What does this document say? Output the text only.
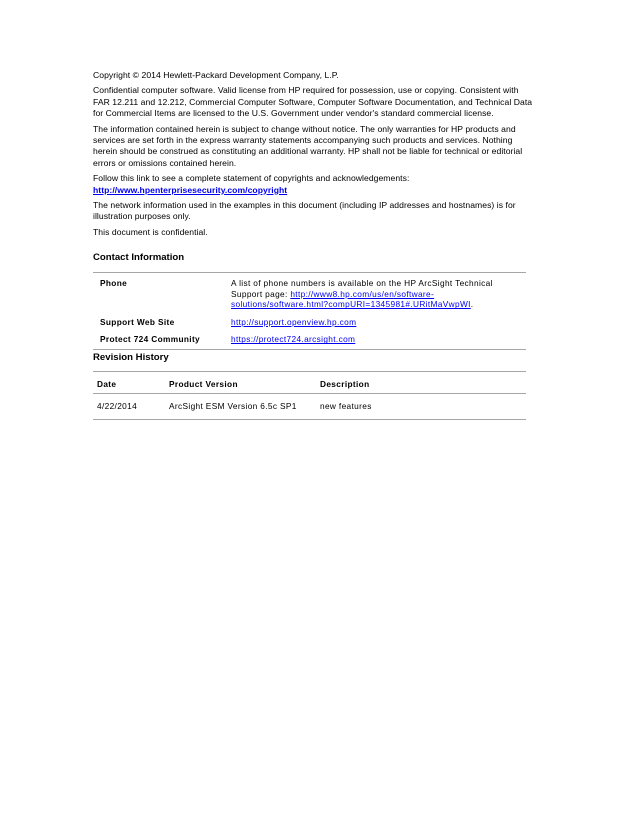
Copyright © 2014 Hewlett-Packard Development Company, L.P.

Confidential computer software. Valid license from HP required for possession, use or copying. Consistent with FAR 12.211 and 12.212, Commercial Computer Software, Computer Software Documentation, and Technical Data for Commercial Items are licensed to the U.S. Government under vendor's standard commercial license.

The information contained herein is subject to change without notice. The only warranties for HP products and services are set forth in the express warranty statements accompanying such products and services. Nothing herein should be construed as constituting an additional warranty. HP shall not be liable for technical or editorial errors or omissions contained herein.

Follow this link to see a complete statement of copyrights and acknowledgements:
http://www.hpenterprisesecurity.com/copyright

The network information used in the examples in this document (including IP addresses and hostnames) is for illustration purposes only.

This document is confidential.

Contact Information
Phone	A list of phone numbers is available on the HP ArcSight Technical Support page: http://www8.hp.com/us/en/software-solutions/software.html?compURI=1345981#.URitMaVwpWI.
Support Web Site	http://support.openview.hp.com
Protect 724 Community	https://protect724.arcsight.com
Revision History
Date	Product Version	Description
4/22/2014	ArcSight ESM Version 6.5c SP1	new features
